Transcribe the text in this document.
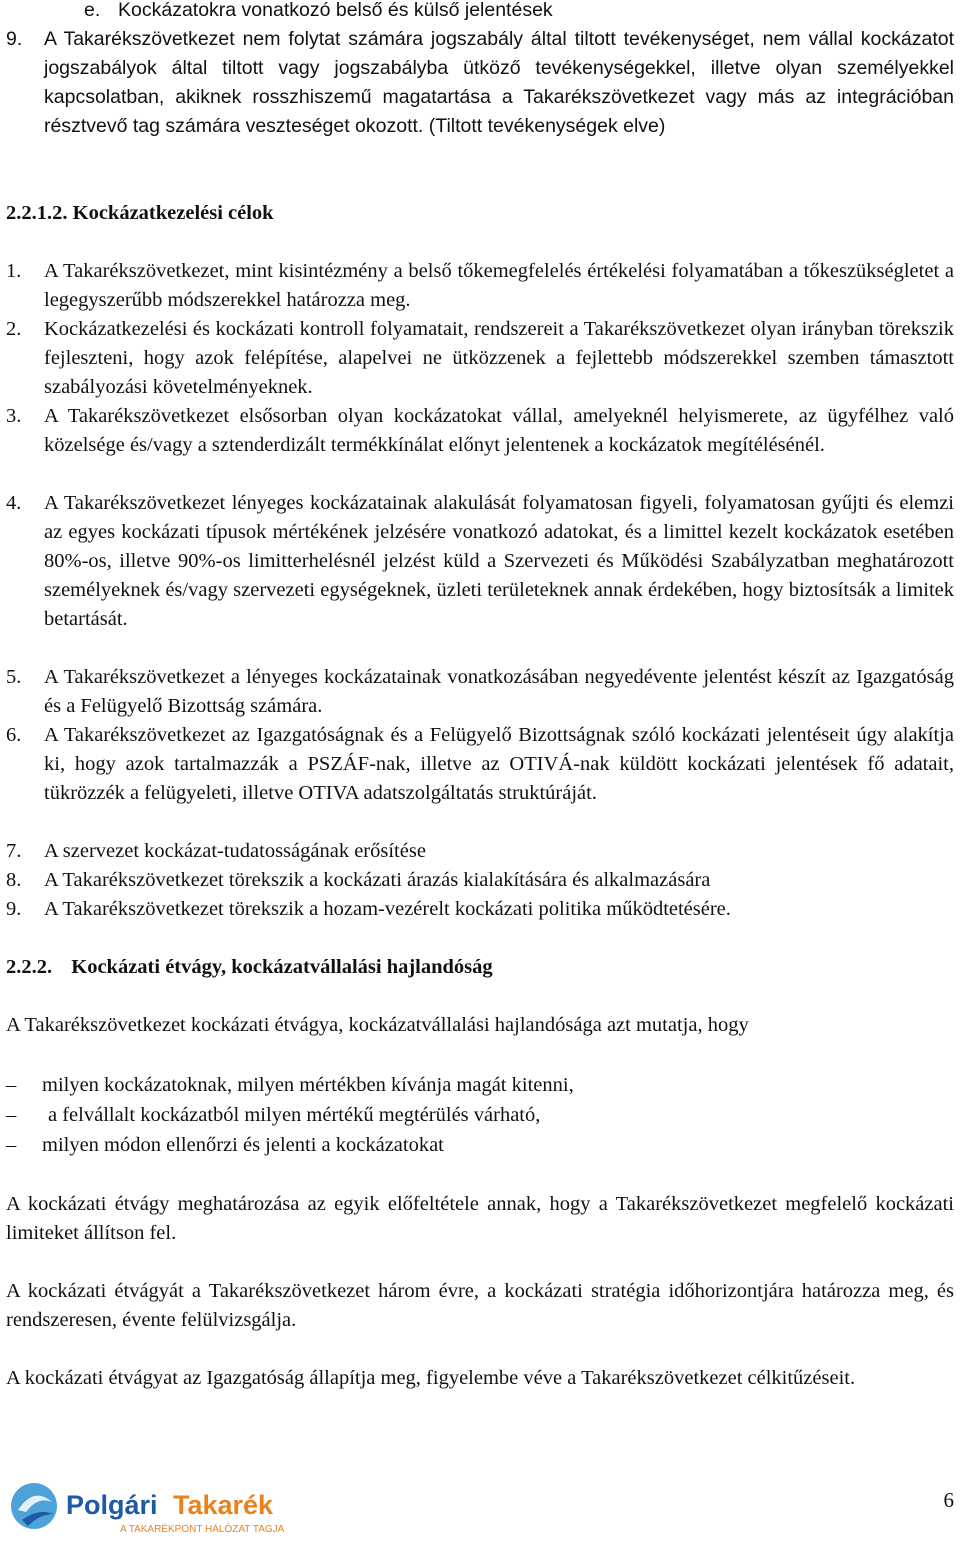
e. Kockázatokra vonatkozó belső és külső jelentések
9. A Takarékszövetkezet nem folytat számára jogszabály által tiltott tevékenységet, nem vállal kockázatot jogszabályok által tiltott vagy jogszabályba ütköző tevékenységekkel, illetve olyan személyekkel kapcsolatban, akiknek rosszhiszemű magatartása a Takarékszövetkezet vagy más az integrációban résztvevő tag számára veszteséget okozott. (Tiltott tevékenységek elve)
2.2.1.2. Kockázatkezelési célok
1. A Takarékszövetkezet, mint kisintézmény a belső tőkemegfelelés értékelési folyamatában a tőkeszükségletet a legegyszerűbb módszerekkel határozza meg.
2. Kockázatkezelési és kockázati kontroll folyamatait, rendszereit a Takarékszövetkezet olyan irányban törekszik fejleszteni, hogy azok felépítése, alapelvei ne ütközzenek a fejlettebb módszerekkel szemben támasztott szabályozási követelményeknek.
3. A Takarékszövetkezet elsősorban olyan kockázatokat vállal, amelyeknél helyismerete, az ügyfélhez való közelsége és/vagy a sztenderdizált termékkínálat előnyt jelentenek a kockázatok megítélésénél.
4. A Takarékszövetkezet lényeges kockázatainak alakulását folyamatosan figyeli, folyamatosan gyűjti és elemzi az egyes kockázati típusok mértékének jelzésére vonatkozó adatokat, és a limittel kezelt kockázatok esetében 80%-os, illetve 90%-os limitterhelésnél jelzést küld a Szervezeti és Működési Szabályzatban meghatározott személyeknek és/vagy szervezeti egységeknek, üzleti területeknek annak érdekében, hogy biztosítsák a limitek betartását.
5. A Takarékszövetkezet a lényeges kockázatainak vonatkozásában negyedévente jelentést készít az Igazgatóság és a Felügyelő Bizottság számára.
6. A Takarékszövetkezet az Igazgatóságnak és a Felügyelő Bizottságnak szóló kockázati jelentéseit úgy alakítja ki, hogy azok tartalmazzák a PSZÁF-nak, illetve az OTIVÁ-nak küldött kockázati jelentések fő adatait, tükrözzék a felügyeleti, illetve OTIVA adatszolgáltatás struktúráját.
7. A szervezet kockázat-tudatosságának erősítése
8. A Takarékszövetkezet törekszik a kockázati árazás kialakítására és alkalmazására
9. A Takarékszövetkezet törekszik a hozam-vezérelt kockázati politika működtetésére.
2.2.2. Kockázati étvágy, kockázatvállalási hajlandóság
A Takarékszövetkezet kockázati étvágya, kockázatvállalási hajlandósága azt mutatja, hogy
– milyen kockázatoknak, milyen mértékben kívánja magát kitenni,
– a felvállalt kockázatból milyen mértékű megtérülés várható,
– milyen módon ellenőrzi és jelenti a kockázatokat
A kockázati étvágy meghatározása az egyik előfeltétele annak, hogy a Takarékszövetkezet megfelelő kockázati limiteket állítson fel.
A kockázati étvágyát a Takarékszövetkezet három évre, a kockázati stratégia időhorizontjára határozza meg, és rendszeresen, évente felülvizsgálja.
A kockázati étvágyat az Igazgatóság állapítja meg, figyelembe véve a Takarékszövetkezet célkitűzéseit.
Polgári Takarék
A TAKARÉKPONT HÁLÓZAT TAGJA
6
